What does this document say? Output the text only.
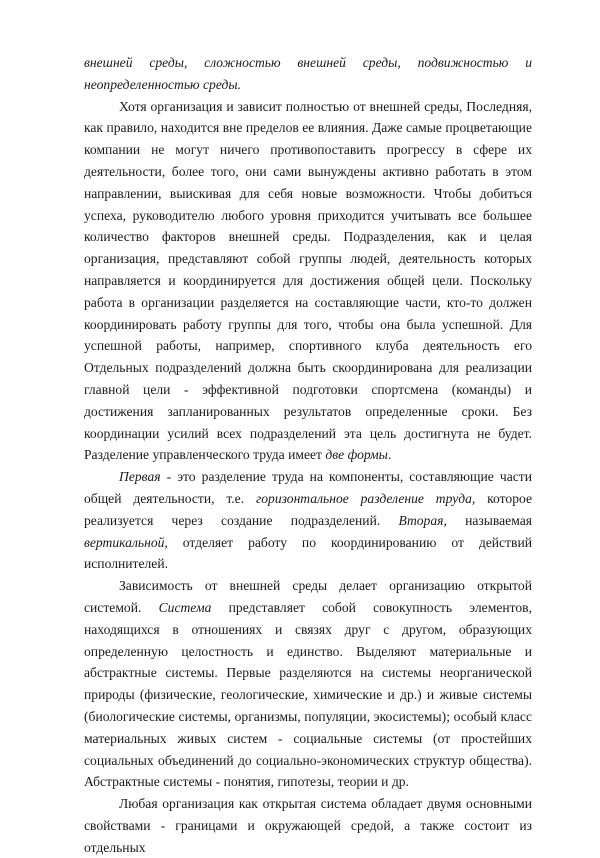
внешней среды, сложностью внешней среды, подвижностью и неопределенностью среды.

Хотя организация и зависит полностью от внешней среды, Последняя, как правило, находится вне пределов ее влияния. Даже самые процветающие компании не могут ничего противопоставить прогрессу в сфере их деятельности, более того, они сами вынуждены активно работать в этом направлении, выискивая для себя новые возможности. Чтобы добиться успеха, руководителю любого уровня приходится учитывать все большее количество факторов внешней среды. Подразделения, как и целая организация, представляют собой группы людей, деятельность которых направляется и координируется для достижения общей цели. Поскольку работа в организации разделяется на составляющие части, кто-то должен координировать работу группы для того, чтобы она была успешной. Для успешной работы, например, спортивного клуба деятельность его Отдельных подразделений должна быть скоординирована для реализации главной цели - эффективной подготовки спортсмена (команды) и достижения запланированных результатов определенные сроки. Без координации усилий всех подразделений эта цель достигнута не будет. Разделение управленческого труда имеет две формы.

Первая - это разделение труда на компоненты, составляющие части общей деятельности, т.е. горизонтальное разделение труда, которое реализуется через создание подразделений. Вторая, называемая вертикальной, отделяет работу по координированию от действий исполнителей.

Зависимость от внешней среды делает организацию открытой системой. Система представляет собой совокупность элементов, находящихся в отношениях и связях друг с другом, образующих определенную целостность и единство. Выделяют материальные и абстрактные системы. Первые разделяются на системы неорганической природы (физические, геологические, химические и др.) и живые системы (биологические системы, организмы, популяции, экосистемы); особый класс материальных живых систем - социальные системы (от простейших социальных объединений до социально-экономических структур общества). Абстрактные системы - понятия, гипотезы, теории и др.

Любая организация как открытая система обладает двумя основными свойствами - границами и окружающей средой, а также состоит из отдельных
